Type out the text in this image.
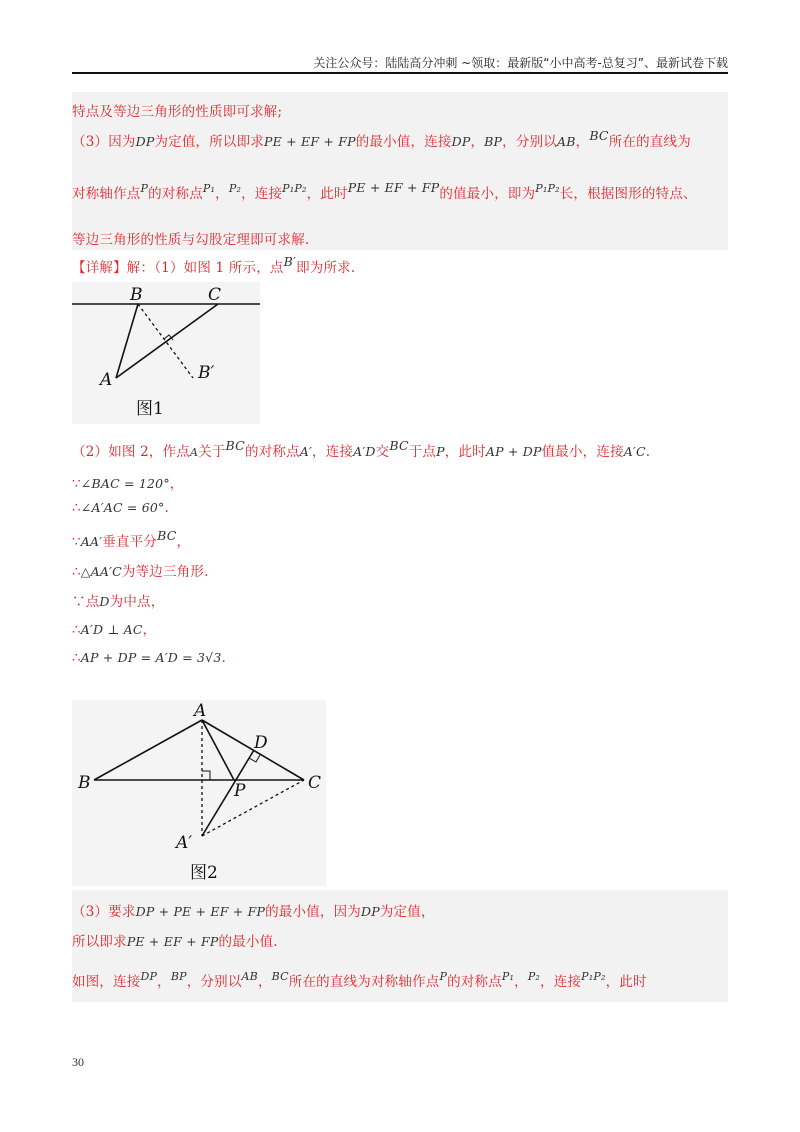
关注公众号：陆陆高分冲刺 ~领取：最新版“小中高考-总复习”、最新试卷下载
特点及等边三角形的性质即可求解;
（3）因为DP为定值，所以即求PE + EF + FP的最小值，连接DP，BP，分别以AB，BC所在的直线为
对称轴作点$^P$的对称点$^{P_1}$，$^{P_2}$，连接$^{P_1P_2}$，此时PE + EF + FP的值最小，即为$^{P_1P_2}$长，根据图形的特点、
等边三角形的性质与勾股定理即可求解.
【详解】解：（1）如图 1 所示，点B′即为所求.
B	C
A	B′
图1
（2）如图 2，作点A关于BC的对称点A′，连接A′D交BC于点P，此时AP + DP值最小，连接A′C.
∵∠BAC = 120°，
∴∠A′AC = 60°.
∵AA′垂直平分BC，
∴△AA′C为等边三角形.
∵点D为中点，
∴A′D ⊥ AC，
∴AP + DP = A′D = 3√3.
A
D
B	C
P
A′
图2
（3）要求DP + PE + EF + FP的最小值，因为DP为定值，
所以即求PE + EF + FP的最小值.
如图，连接$^{DP}$，$^{BP}$，分别以$^{AB}$，$^{BC}$所在的直线为对称轴作点$^P$的对称点$^{P_1}$，$^{P_2}$，连接$^{P_1P_2}$，此时
30
